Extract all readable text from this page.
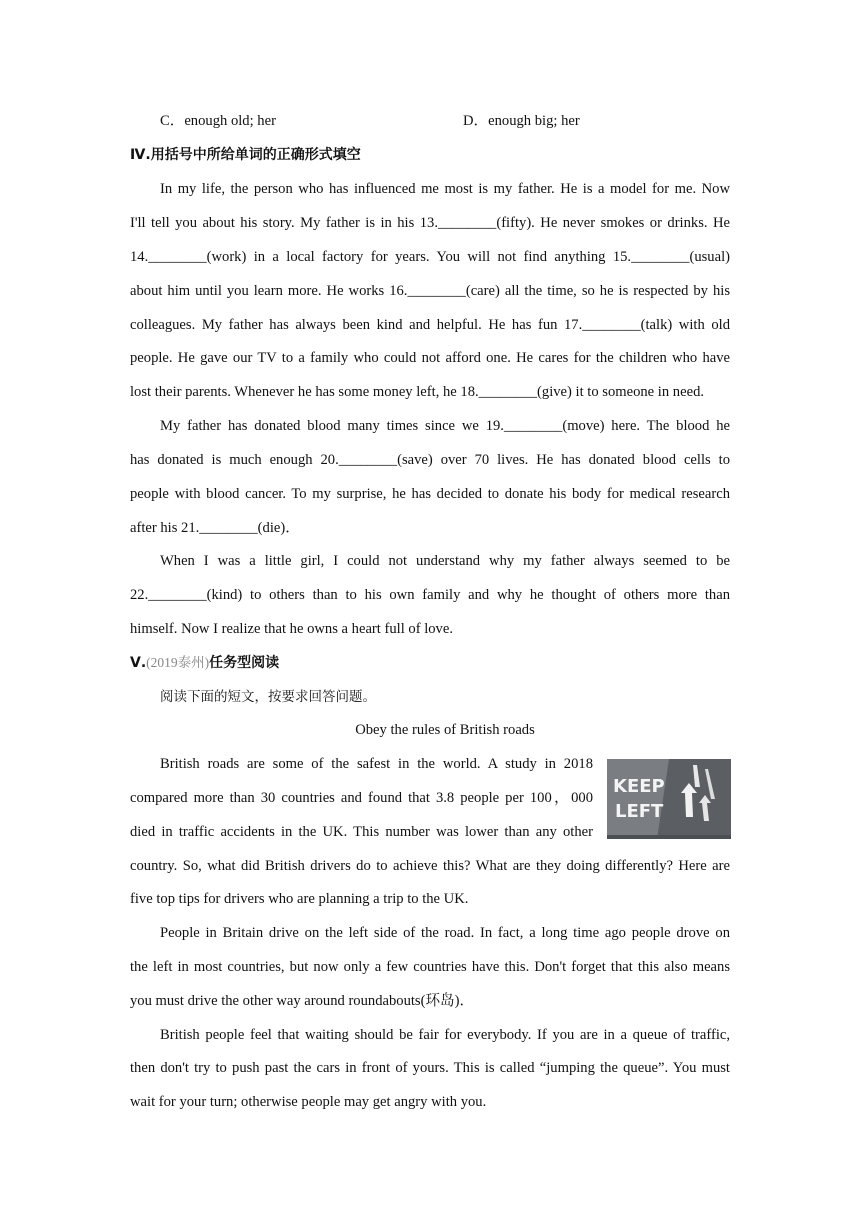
C．enough old; her	D．enough big; her
Ⅳ.用括号中所给单词的正确形式填空
In my life, the person who has influenced me most is my father. He is a model for me. Now
I'll tell you about his story. My father is in his 13.________(fifty). He never smokes or drinks. He
14.________(work) in a local factory for years. You will not find anything 15.________(usual)
about him until you learn more. He works 16.________(care) all the time, so he is respected by his
colleagues. My father has always been kind and helpful. He has fun 17.________(talk) with old
people. He gave our TV to a family who could not afford one. He cares for the children who have
lost their parents. Whenever he has some money left, he 18.________(give) it to someone in need.
My father has donated blood many times since we 19.________(move) here. The blood he
has donated is much enough 20.________(save) over 70 lives. He has donated blood cells to
people with blood cancer. To my surprise, he has decided to donate his body for medical research
after his 21.________(die)．
When I was a little girl, I could not understand why my father always seemed to be
22.________(kind) to others than to his own family and why he thought of others more than
himself. Now I realize that he owns a heart full of love.
Ⅴ.(2019泰州)任务型阅读
阅读下面的短文，按要求回答问题。
Obey the rules of British roads
KEEP
LEFT
British roads are some of the safest in the world. A study in 2018
compared more than 30 countries and found that 3.8 people per 100，000
died in traffic accidents in the UK. This number was lower than any other
country. So, what did British drivers do to achieve this? What are they doing differently? Here are
five top tips for drivers who are planning a trip to the UK.
People in Britain drive on the left side of the road. In fact, a long time ago people drove on
the left in most countries, but now only a few countries have this. Don't forget that this also means
you must drive the other way around roundabouts(环岛)．
British people feel that waiting should be fair for everybody. If you are in a queue of traffic,
then don't try to push past the cars in front of yours. This is called “jumping the queue”. You must
wait for your turn; otherwise people may get angry with you.
